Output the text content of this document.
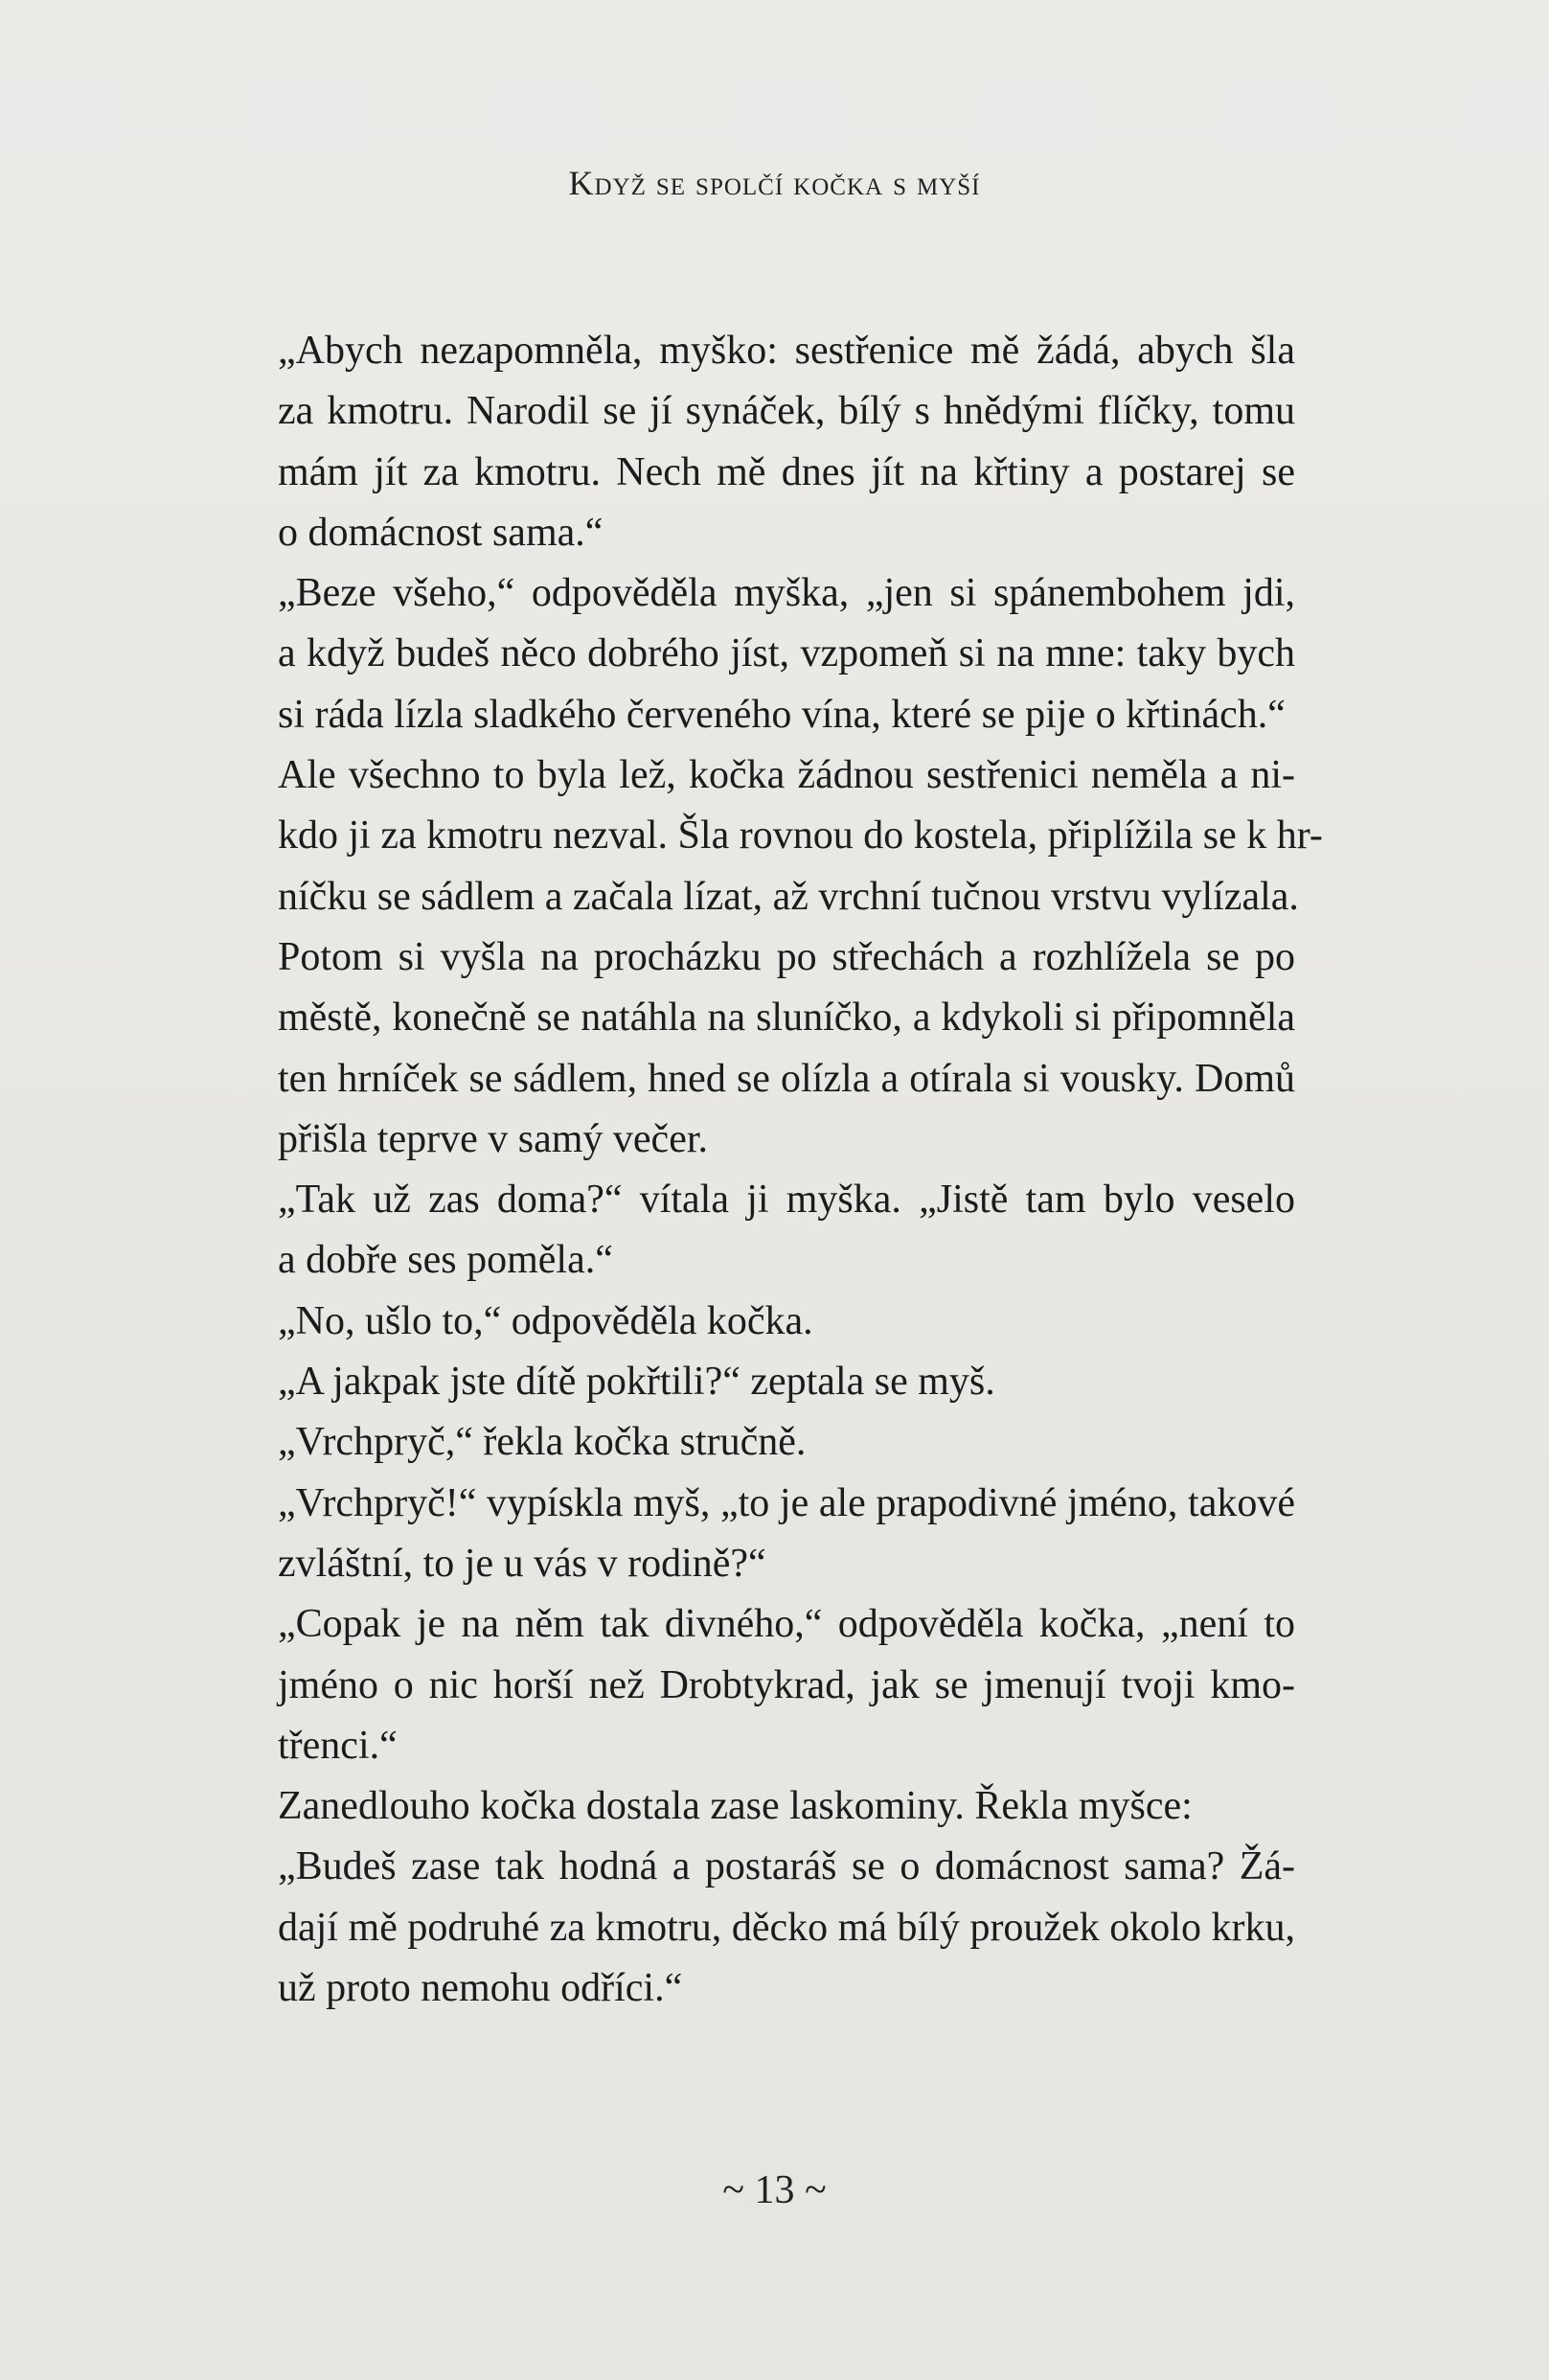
Když se spolčí kočka s myší

„Abych nezapomněla, myško: sestřenice mě žádá, abych šla
za kmotru. Narodil se jí synáček, bílý s hnědými flíčky, tomu
mám jít za kmotru. Nech mě dnes jít na křtiny a postarej se
o domácnost sama.“

„Beze všeho,“ odpověděla myška, „jen si spánembohem jdi,
a když budeš něco dobrého jíst, vzpomeň si na mne: taky bych
si ráda lízla sladkého červeného vína, které se pije o křtinách.“

Ale všechno to byla lež, kočka žádnou sestřenici neměla a ni-
kdo ji za kmotru nezval. Šla rovnou do kostela, připlížila se k hr-
níčku se sádlem a začala lízat, až vrchní tučnou vrstvu vylízala.
Potom si vyšla na procházku po střechách a rozhlížela se po
městě, konečně se natáhla na sluníčko, a kdykoli si připomněla
ten hrníček se sádlem, hned se olízla a otírala si vousky. Domů
přišla teprve v samý večer.

„Tak už zas doma?“ vítala ji myška. „Jistě tam bylo veselo
a dobře ses poměla.“

„No, ušlo to,“ odpověděla kočka.

„A jakpak jste dítě pokřtili?“ zeptala se myš.

„Vrchpryč,“ řekla kočka stručně.

„Vrchpryč!“ vypískla myš, „to je ale prapodivné jméno, takové
zvláštní, to je u vás v rodině?“

„Copak je na něm tak divného,“ odpověděla kočka, „není to
jméno o nic horší než Drobtykrad, jak se jmenují tvoji kmo-
třenci.“

Zanedlouho kočka dostala zase laskominy. Řekla myšce:

„Budeš zase tak hodná a postaráš se o domácnost sama? Žá-
dají mě podruhé za kmotru, děcko má bílý proužek okolo krku,
už proto nemohu odříci.“

~ 13 ~
